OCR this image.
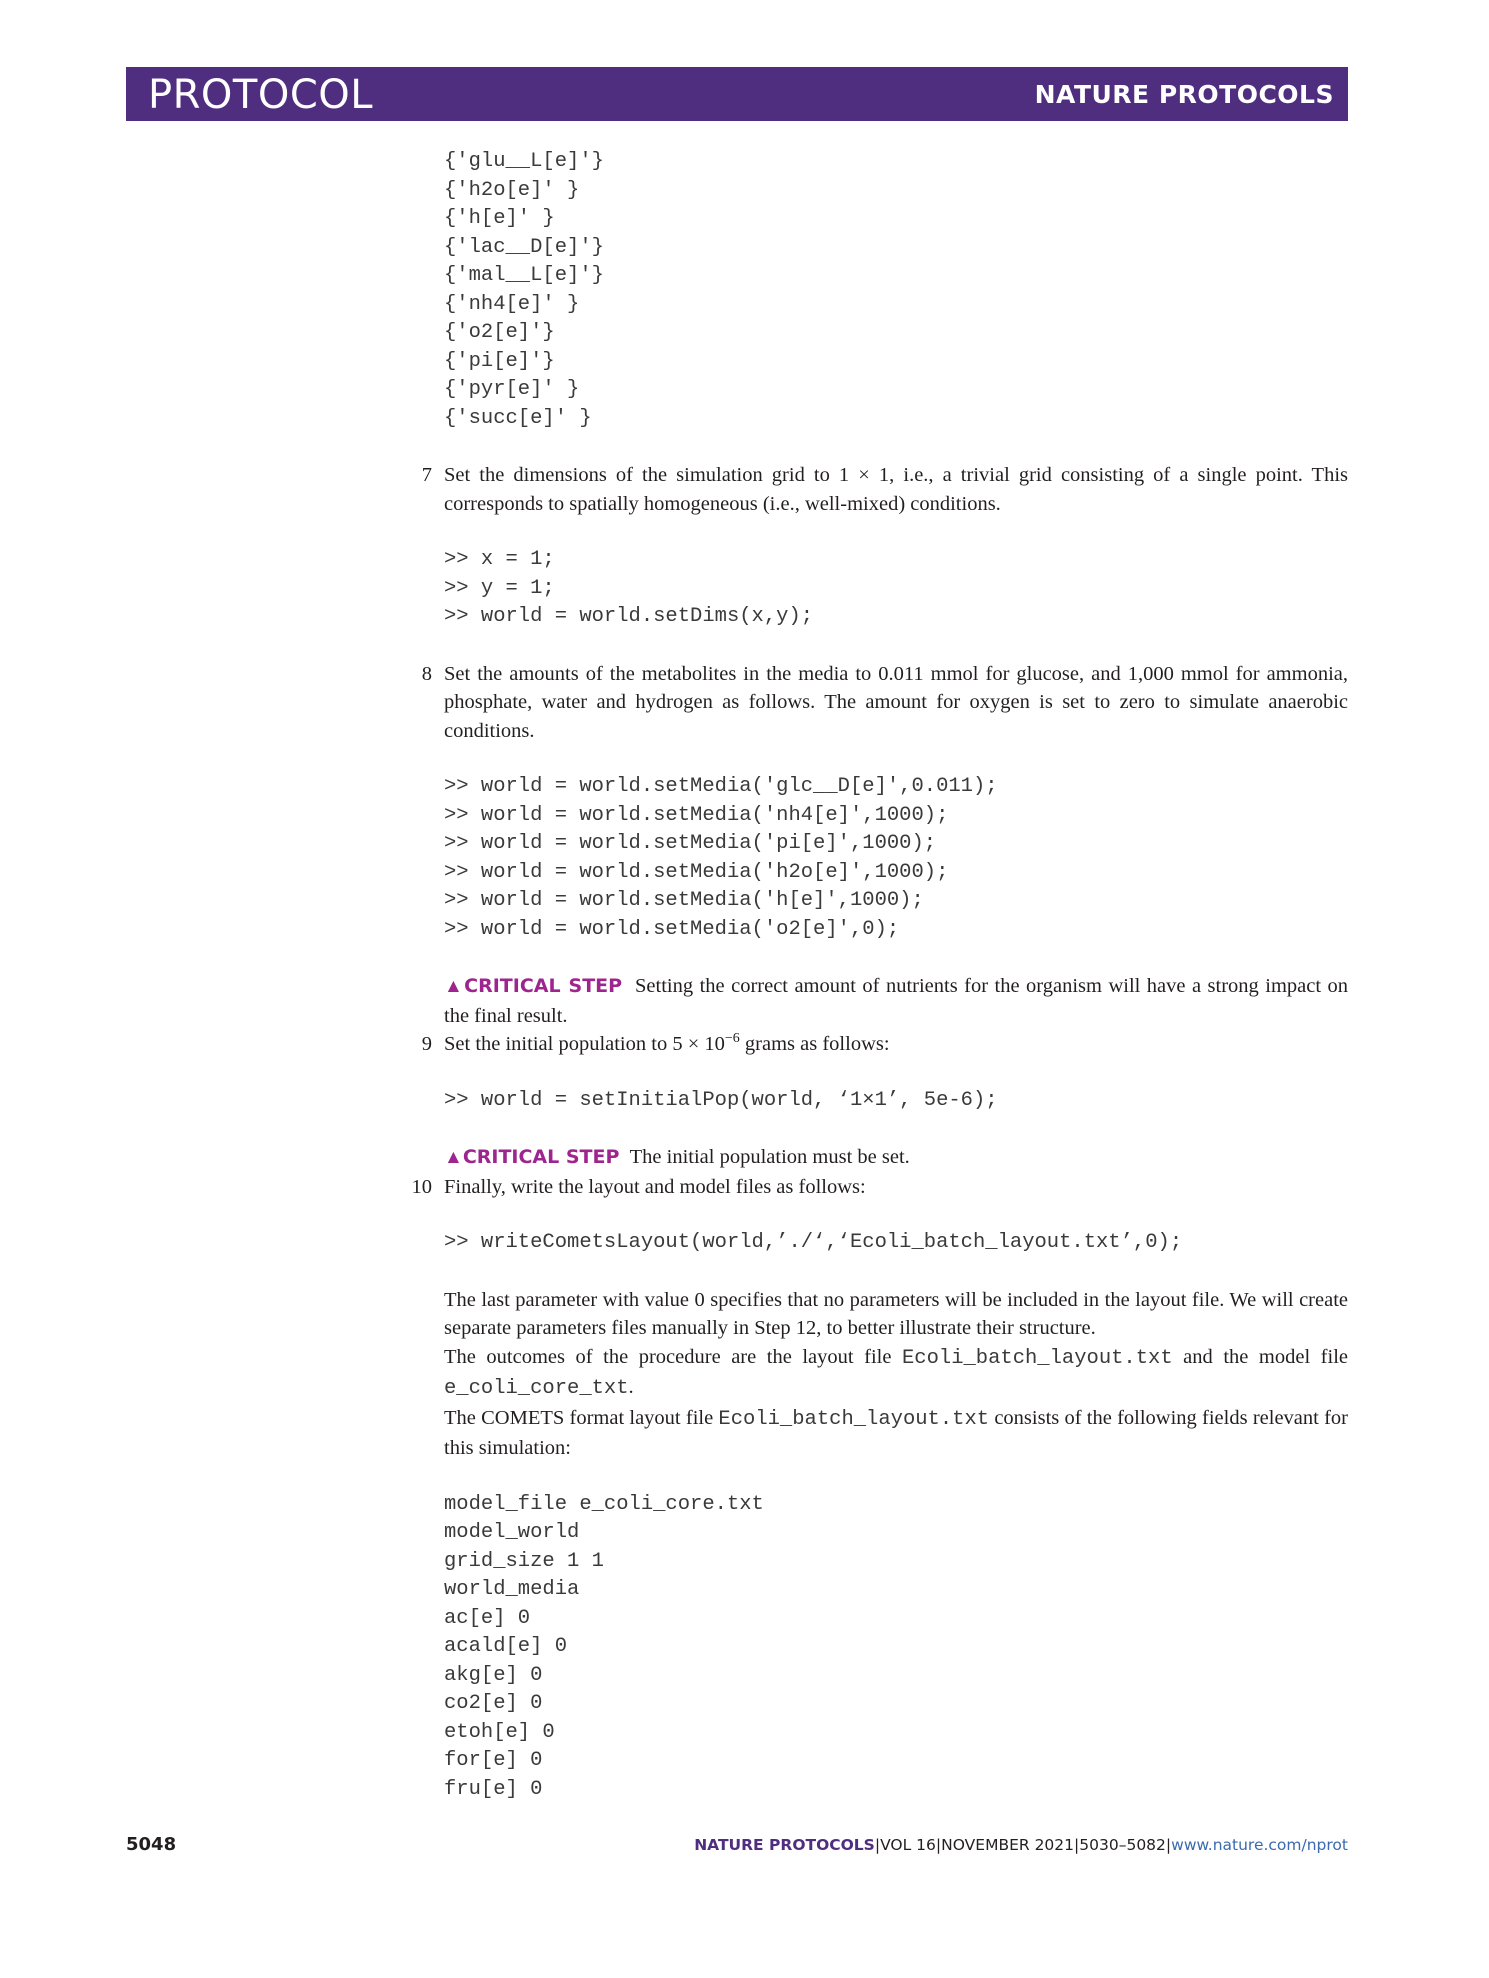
PROTOCOL	NATURE PROTOCOLS
{'glu__L[e]'}
{'h2o[e]' }
{'h[e]' }
{'lac__D[e]'}
{'mal__L[e]'}
{'nh4[e]' }
{'o2[e]'}
{'pi[e]'}
{'pyr[e]' }
{'succ[e]' }
7 Set the dimensions of the simulation grid to 1 × 1, i.e., a trivial grid consisting of a single point. This corresponds to spatially homogeneous (i.e., well-mixed) conditions.
>> x = 1;
>> y = 1;
>> world = world.setDims(x,y);
8 Set the amounts of the metabolites in the media to 0.011 mmol for glucose, and 1,000 mmol for ammonia, phosphate, water and hydrogen as follows. The amount for oxygen is set to zero to simulate anaerobic conditions.
>> world = world.setMedia('glc__D[e]',0.011);
>> world = world.setMedia('nh4[e]',1000);
>> world = world.setMedia('pi[e]',1000);
>> world = world.setMedia('h2o[e]',1000);
>> world = world.setMedia('h[e]',1000);
>> world = world.setMedia('o2[e]',0);
▲CRITICAL STEP Setting the correct amount of nutrients for the organism will have a strong impact on the final result.
9 Set the initial population to $5 \times 10^{-6}$ grams as follows:
>> world = setInitialPop(world, ‘1×1’, 5e-6);
▲CRITICAL STEP The initial population must be set.
10 Finally, write the layout and model files as follows:
>> writeCometsLayout(world,’./‘,‘Ecoli_batch_layout.txt’,0);
The last parameter with value 0 specifies that no parameters will be included in the layout file. We will create separate parameters files manually in Step 12, to better illustrate their structure.
The outcomes of the procedure are the layout file Ecoli_batch_layout.txt and the model file e_coli_core_txt.
The COMETS format layout file Ecoli_batch_layout.txt consists of the following fields relevant for this simulation:
model_file e_coli_core.txt
model_world
grid_size 1 1
world_media
ac[e] 0
acald[e] 0
akg[e] 0
co2[e] 0
etoh[e] 0
for[e] 0
fru[e] 0
5048	NATURE PROTOCOLS|VOL 16|NOVEMBER 2021|5030–5082|www.nature.com/nprot
